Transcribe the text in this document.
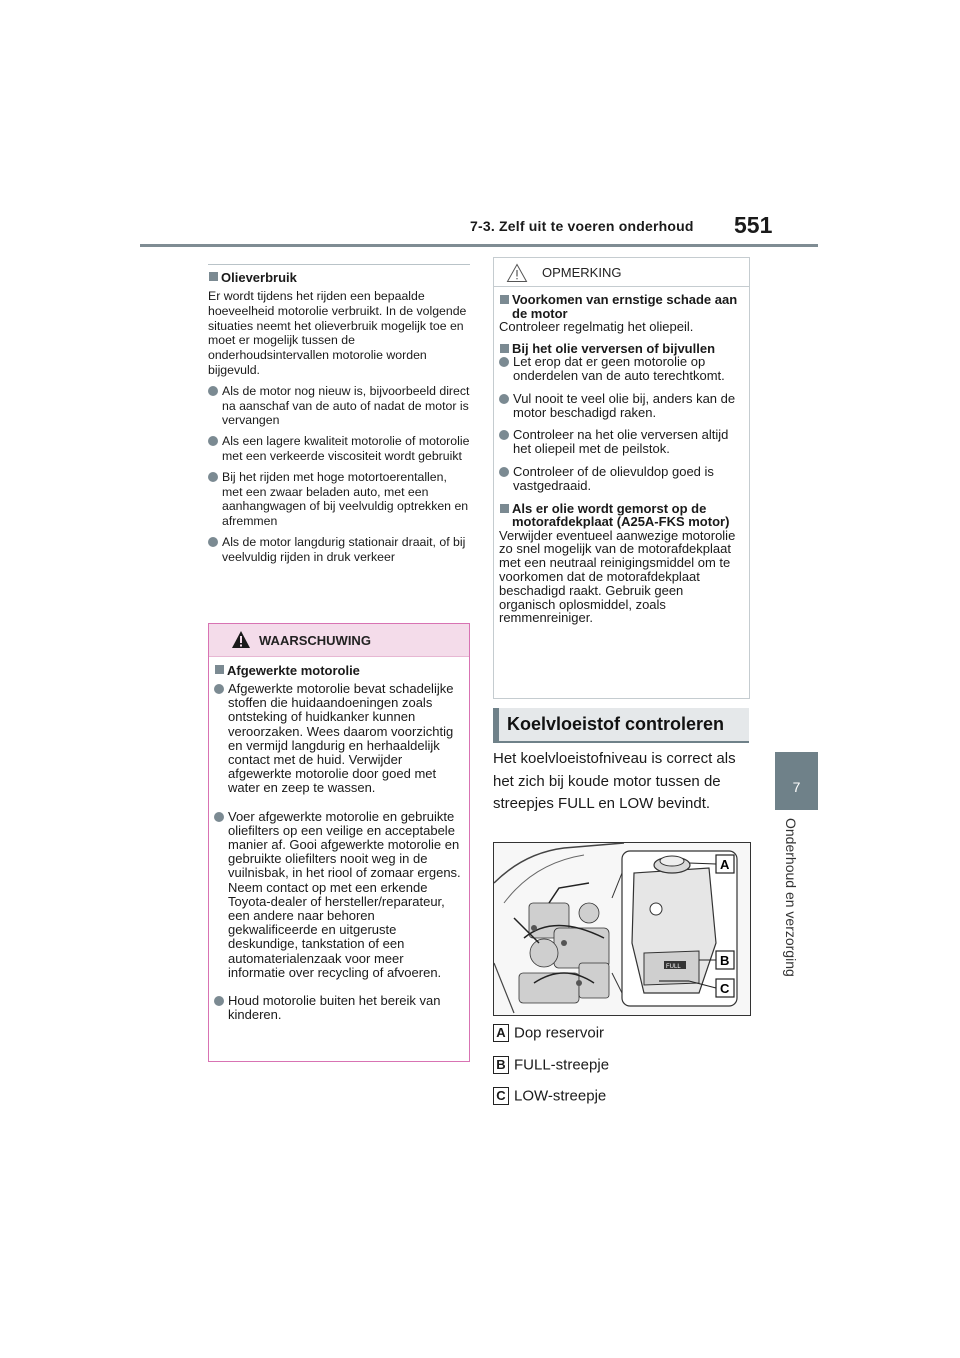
7-3. Zelf uit te voeren onderhoud 551
7
Onderhoud en verzorging
Olieverbruik

Er wordt tijdens het rijden een bepaalde hoeveelheid motorolie verbruikt. In de volgende situaties neemt het olieverbruik mogelijk toe en moet er mogelijk tussen de onderhoudsintervallen motorolie worden bijgevuld.

Als de motor nog nieuw is, bijvoorbeeld direct na aanschaf van de auto of nadat de motor is vervangen
Als een lagere kwaliteit motorolie of motorolie met een verkeerde viscositeit wordt gebruikt
Bij het rijden met hoge motortoerentallen, met een zwaar beladen auto, met een aanhangwagen of bij veelvuldig optrekken en afremmen
Als de motor langdurig stationair draait, of bij veelvuldig rijden in druk verkeer
WAARSCHUWING
Afgewerkte motorolie
Afgewerkte motorolie bevat schadelijke stoffen die huidaandoeningen zoals ontsteking of huidkanker kunnen veroorzaken. Wees daarom voorzichtig en vermijd langdurig en herhaaldelijk contact met de huid. Verwijder afgewerkte motorolie door goed met water en zeep te wassen.
Voer afgewerkte motorolie en gebruikte oliefilters op een veilige en acceptabele manier af. Gooi afgewerkte motorolie en gebruikte oliefilters nooit weg in de vuilnisbak, in het riool of zomaar ergens. Neem contact op met een erkende Toyota-dealer of hersteller/reparateur, een andere naar behoren gekwalificeerde en uitgeruste deskundige, tankstation of een automaterialenzaak voor meer informatie over recycling of afvoeren.
Houd motorolie buiten het bereik van kinderen.
OPMERKING
Voorkomen van ernstige schade aan de motor

Controleer regelmatig het oliepeil.

Bij het olie verversen of bijvullen
Let erop dat er geen motorolie op onderdelen van de auto terechtkomt.
Vul nooit te veel olie bij, anders kan de motor beschadigd raken.
Controleer na het olie verversen altijd het oliepeil met de peilstok.
Controleer of de olievuldop goed is vastgedraaid.
Als er olie wordt gemorst op de motorafdekplaat (A25A-FKS motor)

Verwijder eventueel aanwezige motorolie zo snel mogelijk van de motorafdekplaat met een neutraal reinigingsmiddel om te voorkomen dat de motorafdekplaat beschadigd raakt. Gebruik geen organisch oplosmiddel, zoals remmenreiniger.

Koelvloeistof controleren
Het koelvloeistofniveau is correct als het zich bij koude motor tussen de streepjes FULL en LOW bevindt.
FULL
A
B
C
A Dop reservoir
B FULL-streepje
C LOW-streepje
